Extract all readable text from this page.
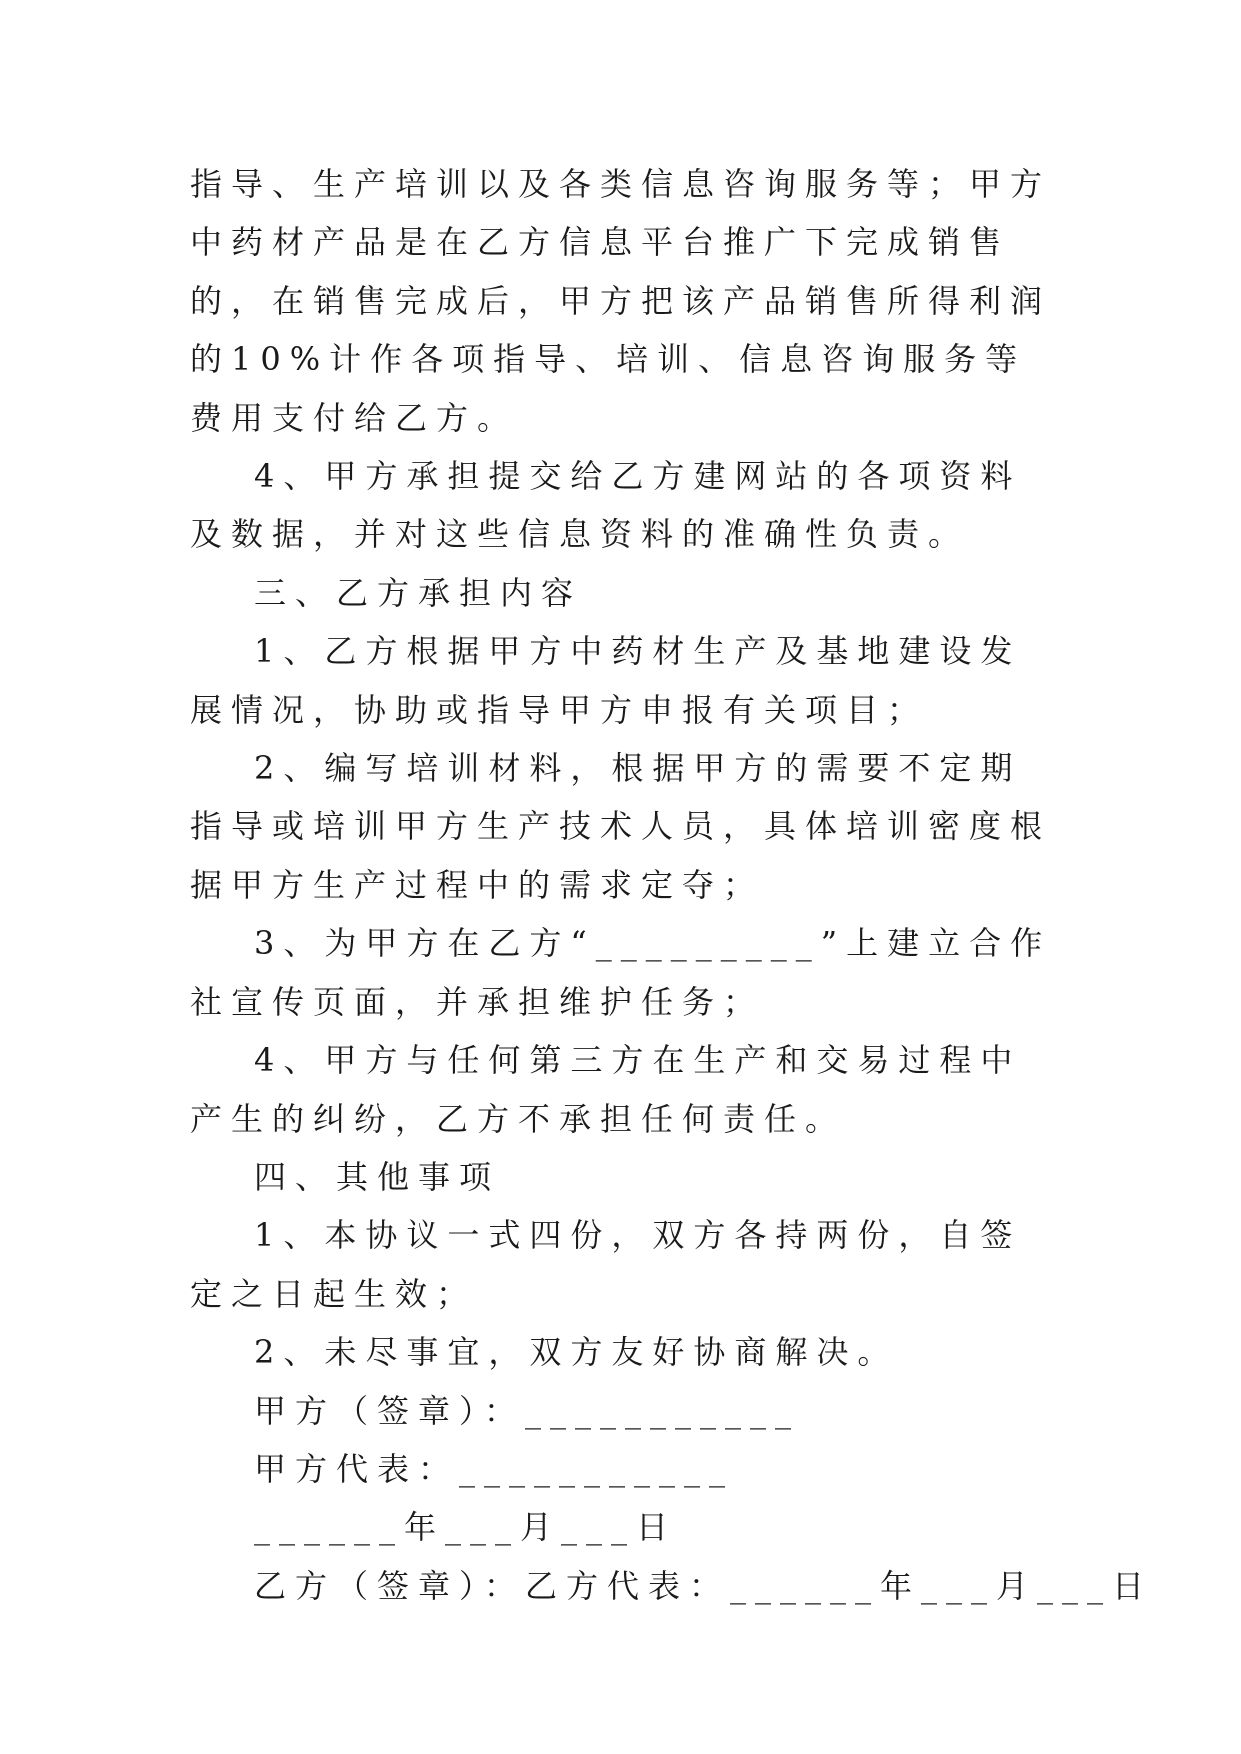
指导、生产培训以及各类信息咨询服务等；甲方中药材产品是在乙方信息平台推广下完成销售的，在销售完成后，甲方把该产品销售所得利润的10%计作各项指导、培训、信息咨询服务等费用支付给乙方。

4、甲方承担提交给乙方建网站的各项资料及数据，并对这些信息资料的准确性负责。

三、乙方承担内容

1、乙方根据甲方中药材生产及基地建设发展情况，协助或指导甲方申报有关项目；

2、编写培训材料，根据甲方的需要不定期指导或培训甲方生产技术人员，具体培训密度根据甲方生产过程中的需求定夺；

3、为甲方在乙方“_________”上建立合作社宣传页面，并承担维护任务；

4、甲方与任何第三方在生产和交易过程中产生的纠纷，乙方不承担任何责任。

四、其他事项

1、本协议一式四份，双方各持两份，自签定之日起生效；

2、未尽事宜，双方友好协商解决。

甲方（签章）：___________

甲方代表：___________

______年___月___日

乙方（签章）：乙方代表：______年___月___日
